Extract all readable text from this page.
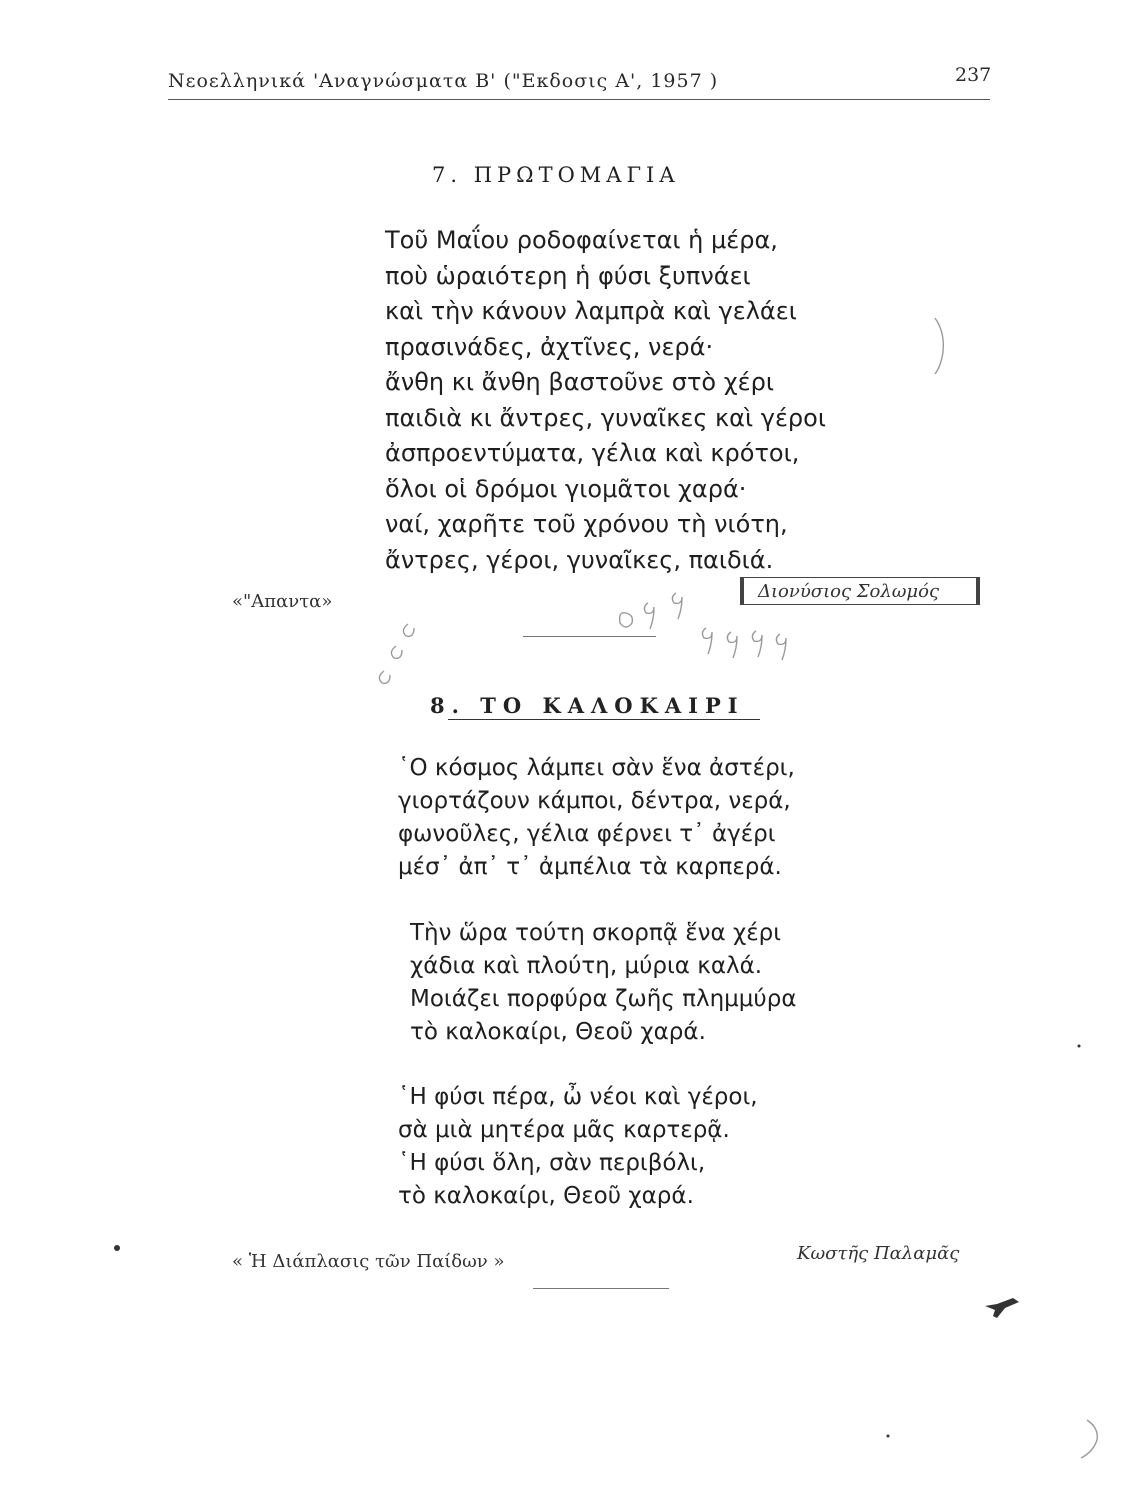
Νεοελληνικά 'Αναγνώσματα Β' ("Εκδοσις Α', 1957 )	237
7. ΠΡΩΤΟΜΑΓΙΑ
Τοῦ Μαΐου ροδοφαίνεται ἡ μέρα,
ποὺ ὡραιότερη ἡ φύσι ξυπνάει
καὶ τὴν κάνουν λαμπρὰ καὶ γελάει
πρασινάδες, ἀχτῖνες, νερά·
ἄνθη κι ἄνθη βαστοῦνε στὸ χέρι
παιδιὰ κι ἄντρες, γυναῖκες καὶ γέροι
ἀσπροεντύματα, γέλια καὶ κρότοι,
ὅλοι οἱ δρόμοι γιομᾶτοι χαρά·
ναί, χαρῆτε τοῦ χρόνου τὴ νιότη,
ἄντρες, γέροι, γυναῖκες, παιδιά.
«"Απαντα»	Διονύσιος Σολωμός
8. ΤΟ ΚΑΛΟΚΑΙΡΙ
῾Ο κόσμος λάμπει σὰν ἕνα ἀστέρι,
γιορτάζουν κάμποι, δέντρα, νερά,
φωνοῦλες, γέλια φέρνει τ᾽ ἀγέρι
μέσ᾽ ἀπ᾽ τ᾽ ἀμπέλια τὰ καρπερά.
Τὴν ὥρα τούτη σκορπᾷ ἕνα χέρι
χάδια καὶ πλούτη, μύρια καλά.
Μοιάζει πορφύρα ζωῆς πλημμύρα
τὸ καλοκαίρι, Θεοῦ χαρά.
῾Η φύσι πέρα, ὦ νέοι καὶ γέροι,
σὰ μιὰ μητέρα μᾶς καρτερᾷ.
῾Η φύσι ὅλη, σὰν περιβόλι,
τὸ καλοκαίρι, Θεοῦ χαρά.
« Ἡ Διάπλασις τῶν Παίδων »	Κωστῆς Παλαμᾶς
